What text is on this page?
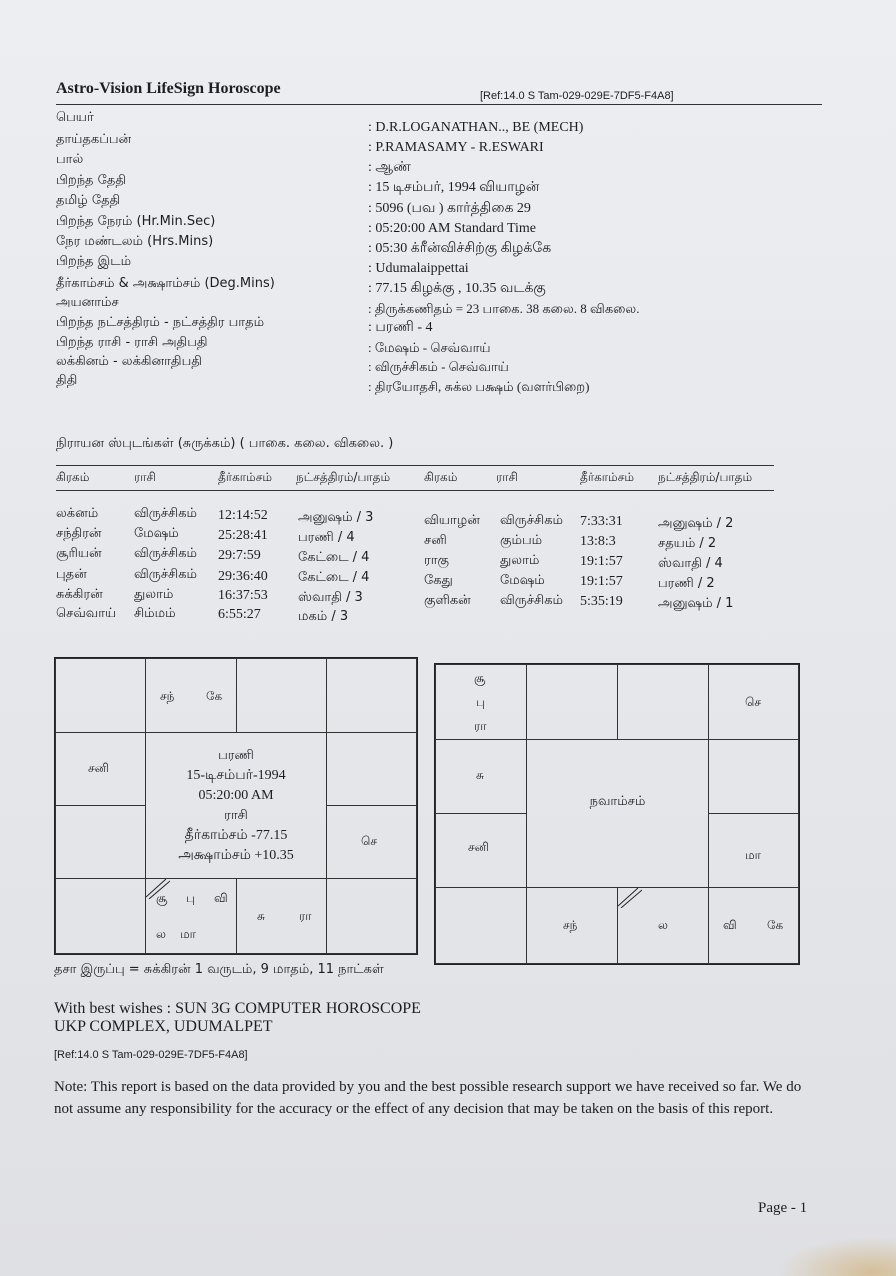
Astro-Vision LifeSign Horoscope	[Ref:14.0 S Tam-029-029E-7DF5-F4A8]
பெயர்
: D.R.LOGANATHAN.., BE (MECH)
தாய்தகப்பன்
: P.RAMASAMY - R.ESWARI
பால்
: ஆண்
பிறந்த தேதி	: 15 டிசம்பர், 1994 வியாழன்
தமிழ் தேதி
: 5096 (பவ ) கார்த்திகை 29
பிறந்த நேரம் (Hr.Min.Sec)	: 05:20:00 AM Standard Time
நேர மண்டலம் (Hrs.Mins)	: 05:30 க்ரீன்விச்சிற்கு கிழக்கே
பிறந்த இடம்	: Udumalaippettai
தீர்காம்சம் & அக்ஷாம்சம் (Deg.Mins)	: 77.15 கிழக்கு , 10.35 வடக்கு
அயனாம்ச	: திருக்கணிதம் = 23 பாகை. 38 கலை. 8 விகலை.
பிறந்த நட்சத்திரம் - நட்சத்திர பாதம்	: பரணி - 4
பிறந்த ராசி - ராசி அதிபதி	: மேஷம் - செவ்வாய்
லக்கினம் - லக்கினாதிபதி	: விருச்சிகம் - செவ்வாய்
திதி	: திரயோதசி, சுக்ல பக்ஷம் (வளர்பிறை)
நிராயன ஸ்புடங்கள் (சுருக்கம்) ( பாகை. கலை. விகலை. )
கிரகம்	ராசி	தீர்காம்சம் நட்சத்திரம்/பாதம்	கிரகம்	ராசி	தீர்காம்சம் நட்சத்திரம்/பாதம்
லக்னம்	விருச்சிகம் 12:14:52 அனுஷம் / 3
சந்திரன் மேஷம்	25:28:41 பரணி / 4
சூரியன் விருச்சிகம் 29:7:59	கேட்டை / 4
புதன்	விருச்சிகம் 29:36:40 கேட்டை / 4
சுக்கிரன் துலாம்	16:37:53 ஸ்வாதி / 3
செவ்வாய் சிம்மம்	6:55:27	மகம் / 3
வியாழன் விருச்சிகம் 7:33:31	அனுஷம் / 2
சனி	கும்பம்	13:8:3	சதயம் / 2
ராகு	துலாம்	19:1:57	ஸ்வாதி / 4
கேது	மேஷம்	19:1:57	பரணி / 2
குளிகன் விருச்சிகம் 5:35:19	அனுஷம் / 1
சந்	கே
சனி
செ
சூ பு வி
ல மா
சு	ரா
பரணி
15-டிசம்பர்-1994
05:20:00 AM
ராசி
தீர்காம்சம் -77.15
அக்ஷாம்சம் +10.35
சூ
பு
ரா
செ
சு
சனி
மா
சந்	ல	வி	கே
நவாம்சம்
தசா இருப்பு = சுக்கிரன் 1 வருடம், 9 மாதம், 11 நாட்கள்
With best wishes : SUN 3G COMPUTER HOROSCOPE
UKP COMPLEX, UDUMALPET
[Ref:14.0 S Tam-029-029E-7DF5-F4A8]
Note: This report is based on the data provided by you and the best possible research support we have received so far. We do not assume any responsibility for the accuracy or the effect of any decision that may be taken on the basis of this report.
Page - 1
